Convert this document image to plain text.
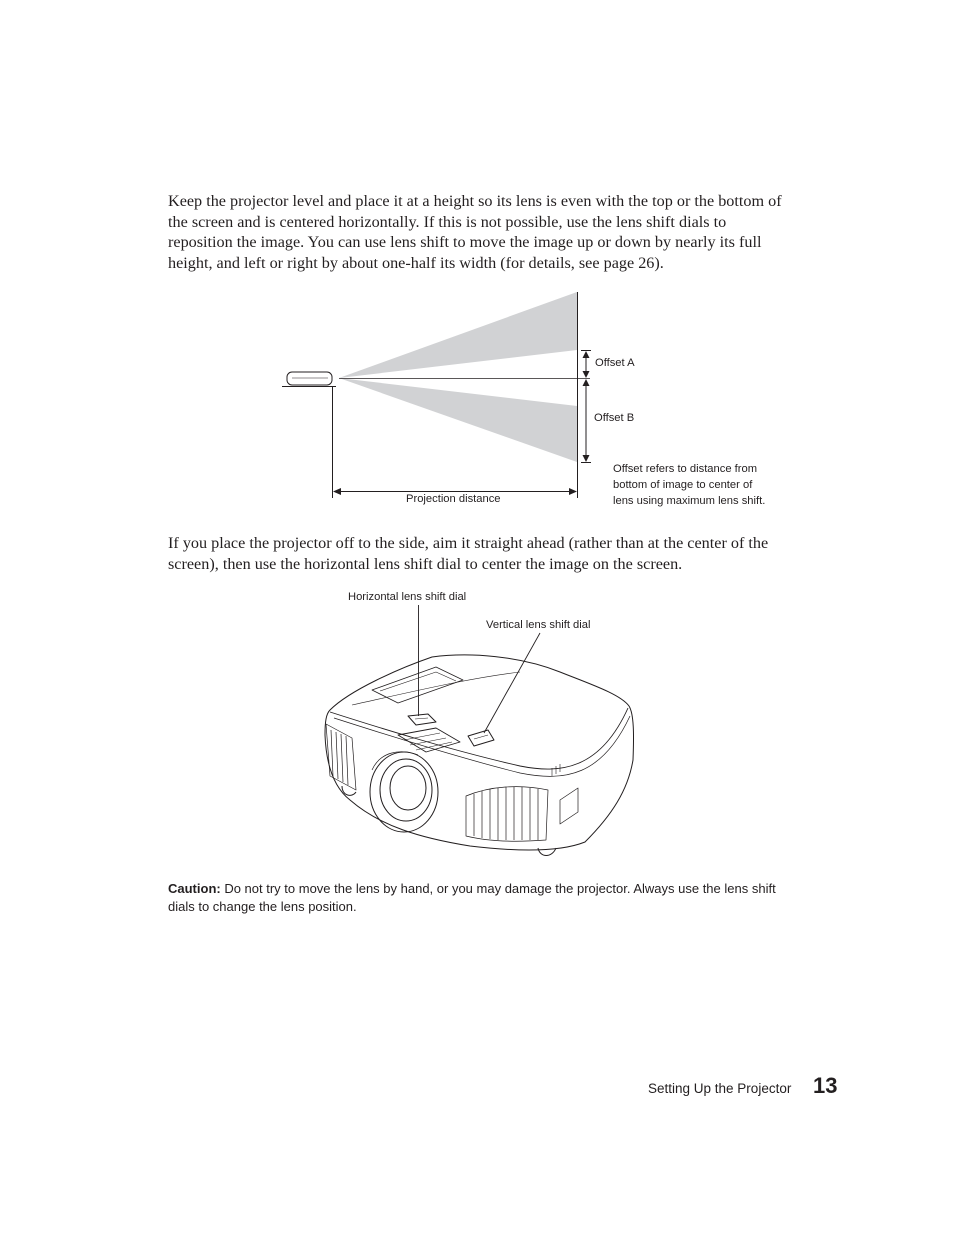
Keep the projector level and place it at a height so its lens is even with the top or the bottom of the screen and is centered horizontally. If this is not possible, use the lens shift dials to reposition the image. You can use lens shift to move the image up or down by nearly its full height, and left or right by about one-half its width (for details, see page 26).

Offset A
Offset B
Projection distance
Offset refers to distance from
bottom of image to center of
lens using maximum lens shift.

If you place the projector off to the side, aim it straight ahead (rather than at the center of the screen), then use the horizontal lens shift dial to center the image on the screen.

Horizontal lens shift dial
Vertical lens shift dial

Caution: Do not try to move the lens by hand, or you may damage the projector. Always use the lens shift dials to change the lens position.

Setting Up the Projector 13
